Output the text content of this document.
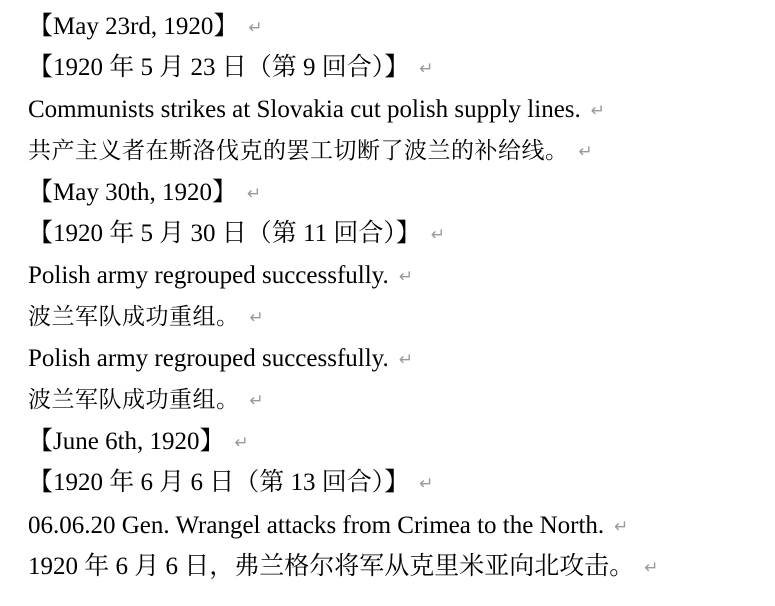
【May 23rd, 1920】 ↵
【1920 年 5 月 23 日（第 9 回合）】 ↵
Communists strikes at Slovakia cut polish supply lines. ↵
共产主义者在斯洛伐克的罢工切断了波兰的补给线。 ↵
【May 30th, 1920】 ↵
【1920 年 5 月 30 日（第 11 回合）】 ↵
Polish army regrouped successfully. ↵
波兰军队成功重组。 ↵
Polish army regrouped successfully. ↵
波兰军队成功重组。 ↵
【June 6th, 1920】 ↵
【1920 年 6 月 6 日（第 13 回合）】 ↵
06.06.20 Gen. Wrangel attacks from Crimea to the North. ↵
1920 年 6 月 6 日，弗兰格尔将军从克里米亚向北攻击。 ↵
